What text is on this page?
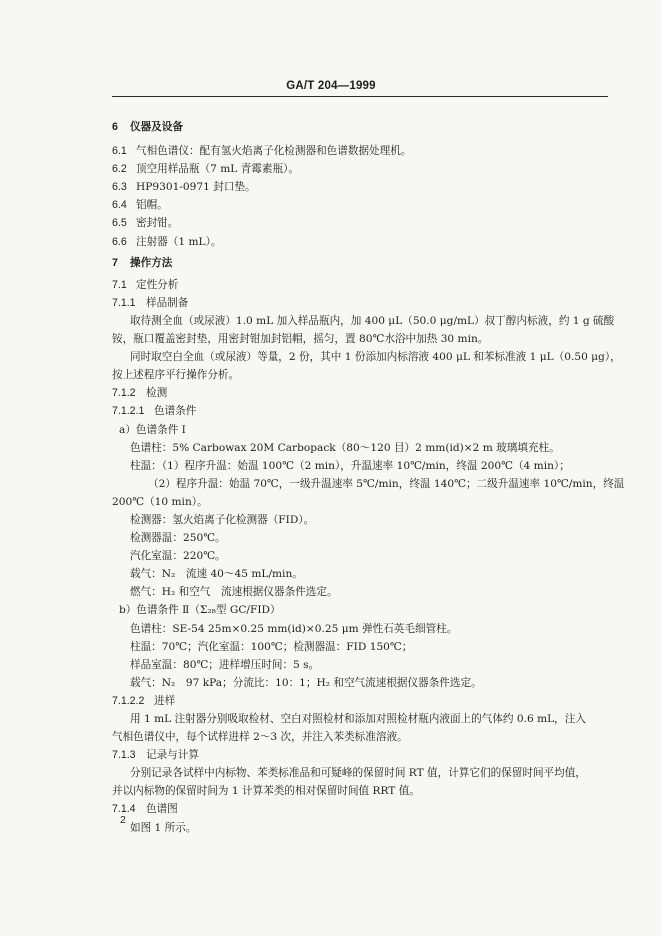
GA/T 204—1999
6 仪器及设备
6.1 气相色谱仪：配有氢火焰离子化检测器和色谱数据处理机。
6.2 顶空用样品瓶（7 mL 青霉素瓶）。
6.3 HP9301-0971 封口垫。
6.4 铝帽。
6.5 密封钳。
6.6 注射器（1 mL）。
7 操作方法
7.1 定性分析
7.1.1 样品制备
取待测全血（或尿液）1.0 mL 加入样品瓶内，加 400 μL（50.0 μg/mL）叔丁醇内标液，约 1 g 硫酸
铵，瓶口覆盖密封垫，用密封钳加封铝帽，摇匀，置 80℃水浴中加热 30 min。
同时取空白全血（或尿液）等量，2 份，其中 1 份添加内标溶液 400 μL 和苯标准液 1 μL（0.50 μg），
按上述程序平行操作分析。
7.1.2 检测
7.1.2.1 色谱条件
a）色谱条件 Ⅰ
色谱柱：5% Carbowax 20M Carbopack（80～120 目）2 mm(id)×2 m 玻璃填充柱。
柱温：（1）程序升温：始温 100℃（2 min），升温速率 10℃/min，终温 200℃（4 min）；
（2）程序升温：始温 70℃，一级升温速率 5℃/min，终温 140℃；二级升温速率 10℃/min，终温
200℃（10 min）。
检测器：氢火焰离子化检测器（FID）。
检测器温：250℃。
汽化室温：220℃。
载气：N₂　流速 40～45 mL/min。
燃气：H₂ 和空气　流速根据仪器条件选定。
b）色谱条件 Ⅱ（Σ₂₈型 GC/FID）
色谱柱：SE-54 25m×0.25 mm(id)×0.25 μm 弹性石英毛细管柱。
柱温：70℃；汽化室温：100℃；检测器温：FID 150℃；
样品室温：80℃；进样增压时间：5 s。
载气：N₂　97 kPa；分流比：10：1；H₂ 和空气流速根据仪器条件选定。
7.1.2.2 进样
用 1 mL 注射器分别吸取检材、空白对照检材和添加对照检材瓶内液面上的气体约 0.6 mL，注入
气相色谱仪中，每个试样进样 2～3 次，并注入苯类标准溶液。
7.1.3 记录与计算
分别记录各试样中内标物、苯类标准品和可疑峰的保留时间 RT 值，计算它们的保留时间平均值，
并以内标物的保留时间为 1 计算苯类的相对保留时间值 RRT 值。
7.1.4 色谱图
如图 1 所示。
2
